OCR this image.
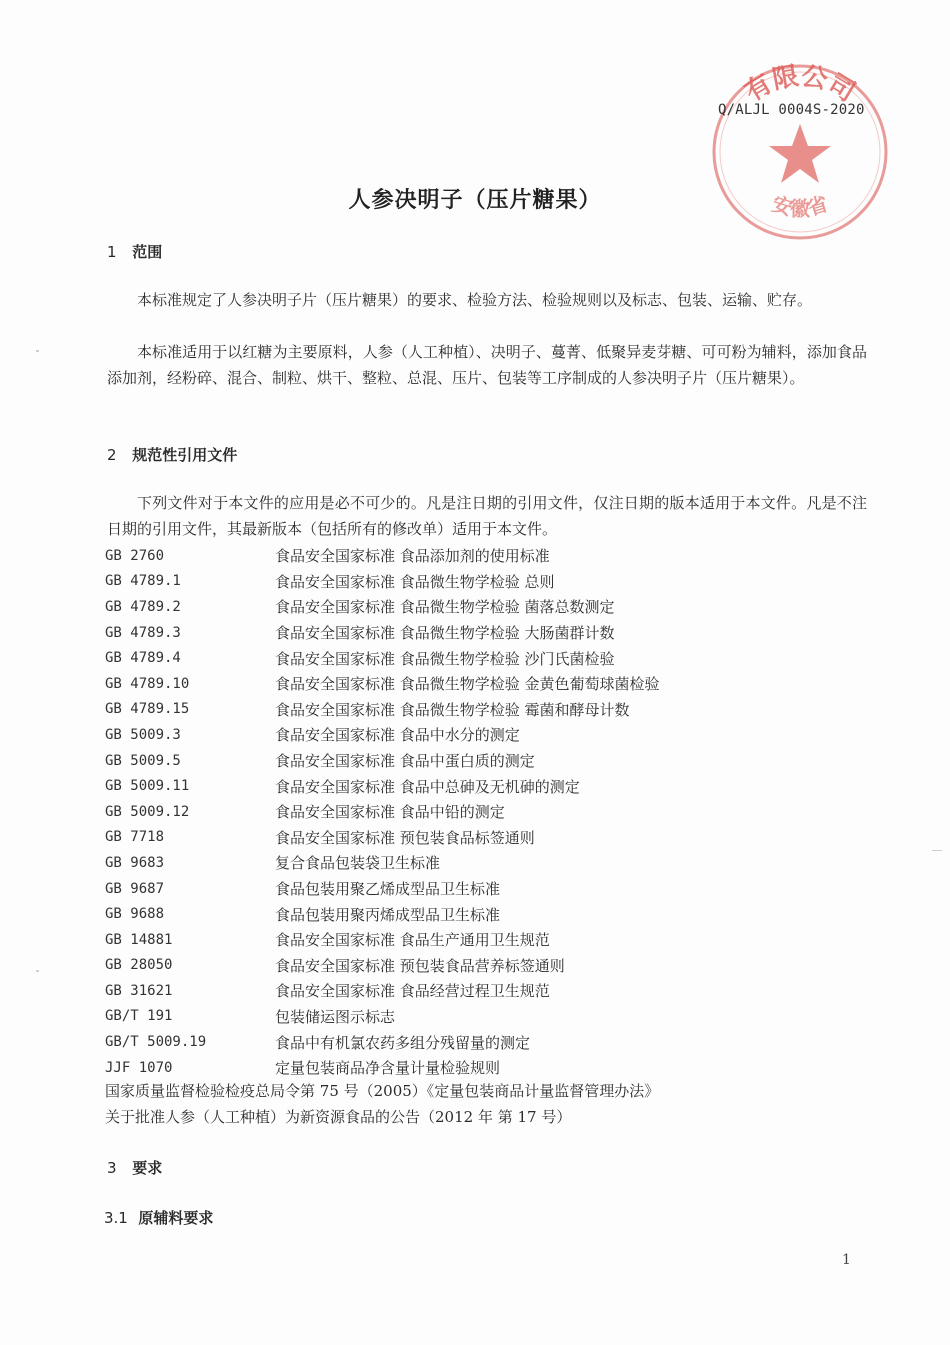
有限公司
安徽省
Q/ALJL 0004S-2020
人参决明子（压片糖果）
1 范围
本标准规定了人参决明子片（压片糖果）的要求、检验方法、检验规则以及标志、包装、运输、贮存。
本标准适用于以红糖为主要原料，人参（人工种植）、决明子、蔓菁、低聚异麦芽糖、可可粉为辅料，添加食品添加剂，经粉碎、混合、制粒、烘干、整粒、总混、压片、包装等工序制成的人参决明子片（压片糖果）。
2 规范性引用文件
下列文件对于本文件的应用是必不可少的。凡是注日期的引用文件，仅注日期的版本适用于本文件。凡是不注日期的引用文件，其最新版本（包括所有的修改单）适用于本文件。
GB 2760	食品安全国家标准 食品添加剂的使用标准
GB 4789.1	食品安全国家标准 食品微生物学检验 总则
GB 4789.2	食品安全国家标准 食品微生物学检验 菌落总数测定
GB 4789.3	食品安全国家标准 食品微生物学检验 大肠菌群计数
GB 4789.4	食品安全国家标准 食品微生物学检验 沙门氏菌检验
GB 4789.10	食品安全国家标准 食品微生物学检验 金黄色葡萄球菌检验
GB 4789.15	食品安全国家标准 食品微生物学检验 霉菌和酵母计数
GB 5009.3	食品安全国家标准 食品中水分的测定
GB 5009.5	食品安全国家标准 食品中蛋白质的测定
GB 5009.11	食品安全国家标准 食品中总砷及无机砷的测定
GB 5009.12	食品安全国家标准 食品中铅的测定
GB 7718	食品安全国家标准 预包装食品标签通则
GB 9683	复合食品包装袋卫生标准
GB 9687	食品包装用聚乙烯成型品卫生标准
GB 9688	食品包装用聚丙烯成型品卫生标准
GB 14881	食品安全国家标准 食品生产通用卫生规范
GB 28050	食品安全国家标准 预包装食品营养标签通则
GB 31621	食品安全国家标准 食品经营过程卫生规范
GB/T 191	包装储运图示标志
GB/T 5009.19	食品中有机氯农药多组分残留量的测定
JJF 1070	定量包装商品净含量计量检验规则
国家质量监督检验检疫总局令第 75 号（2005）《定量包装商品计量监督管理办法》
关于批准人参（人工种植）为新资源食品的公告（2012 年 第 17 号）
3 要求
3.1 原辅料要求
1
